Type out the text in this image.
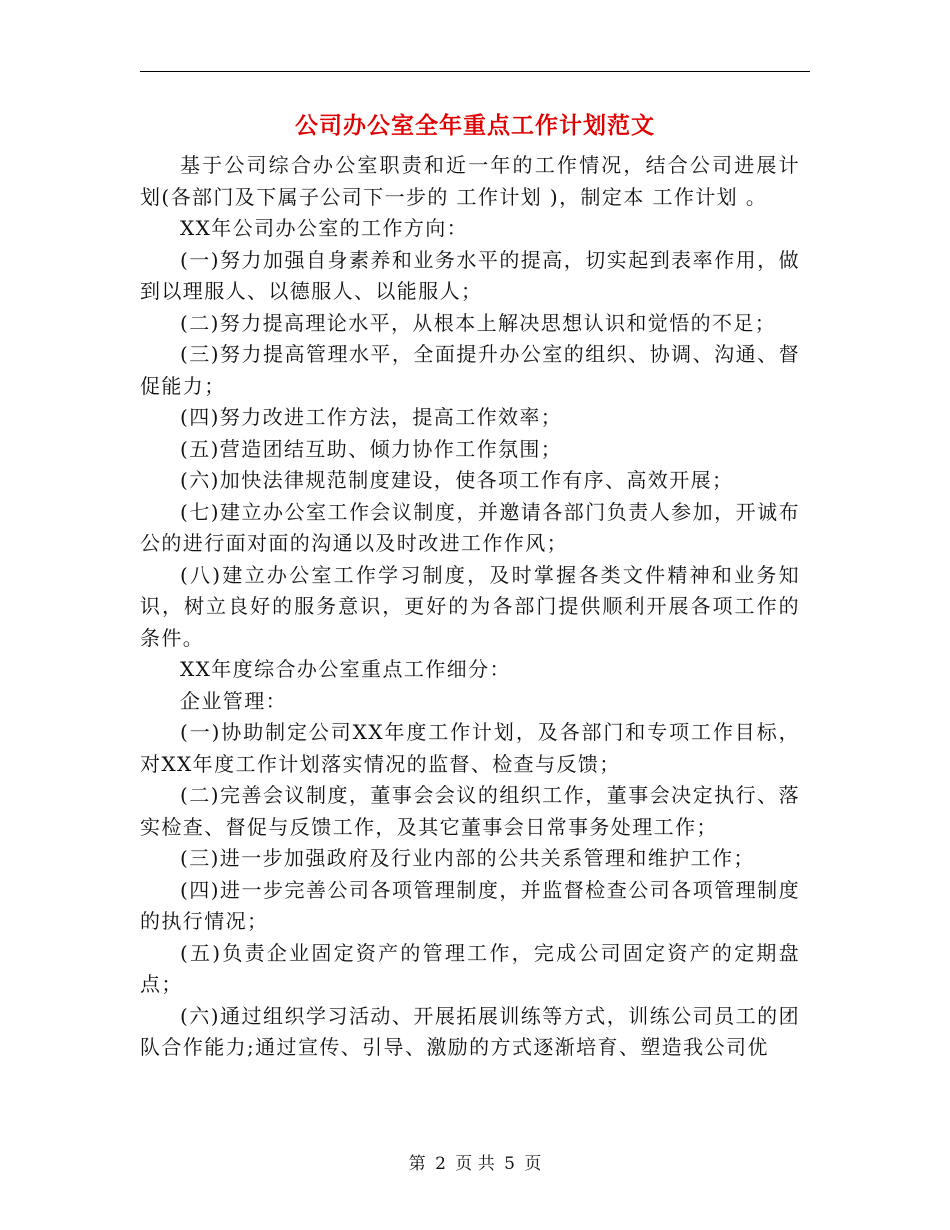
公司办公室全年重点工作计划范文

基于公司综合办公室职责和近一年的工作情况，结合公司进展计划(各部门及下属子公司下一步的 工作计划 )，制定本 工作计划 。

XX年公司办公室的工作方向：

(一)努力加强自身素养和业务水平的提高，切实起到表率作用，做到以理服人、以德服人、以能服人；

(二)努力提高理论水平，从根本上解决思想认识和觉悟的不足；

(三)努力提高管理水平，全面提升办公室的组织、协调、沟通、督促能力；

(四)努力改进工作方法，提高工作效率；

(五)营造团结互助、倾力协作工作氛围；

(六)加快法律规范制度建设，使各项工作有序、高效开展；

(七)建立办公室工作会议制度，并邀请各部门负责人参加，开诚布公的进行面对面的沟通以及时改进工作作风；

(八)建立办公室工作学习制度，及时掌握各类文件精神和业务知识，树立良好的服务意识，更好的为各部门提供顺利开展各项工作的条件。

XX年度综合办公室重点工作细分：

企业管理：

(一)协助制定公司XX年度工作计划，及各部门和专项工作目标，对XX年度工作计划落实情况的监督、检查与反馈；

(二)完善会议制度，董事会会议的组织工作，董事会决定执行、落实检查、督促与反馈工作，及其它董事会日常事务处理工作；

(三)进一步加强政府及行业内部的公共关系管理和维护工作；

(四)进一步完善公司各项管理制度，并监督检查公司各项管理制度的执行情况；

(五)负责企业固定资产的管理工作，完成公司固定资产的定期盘点；

(六)通过组织学习活动、开展拓展训练等方式，训练公司员工的团队合作能力;通过宣传、引导、激励的方式逐渐培育、塑造我公司优

第 2 页 共 5 页
